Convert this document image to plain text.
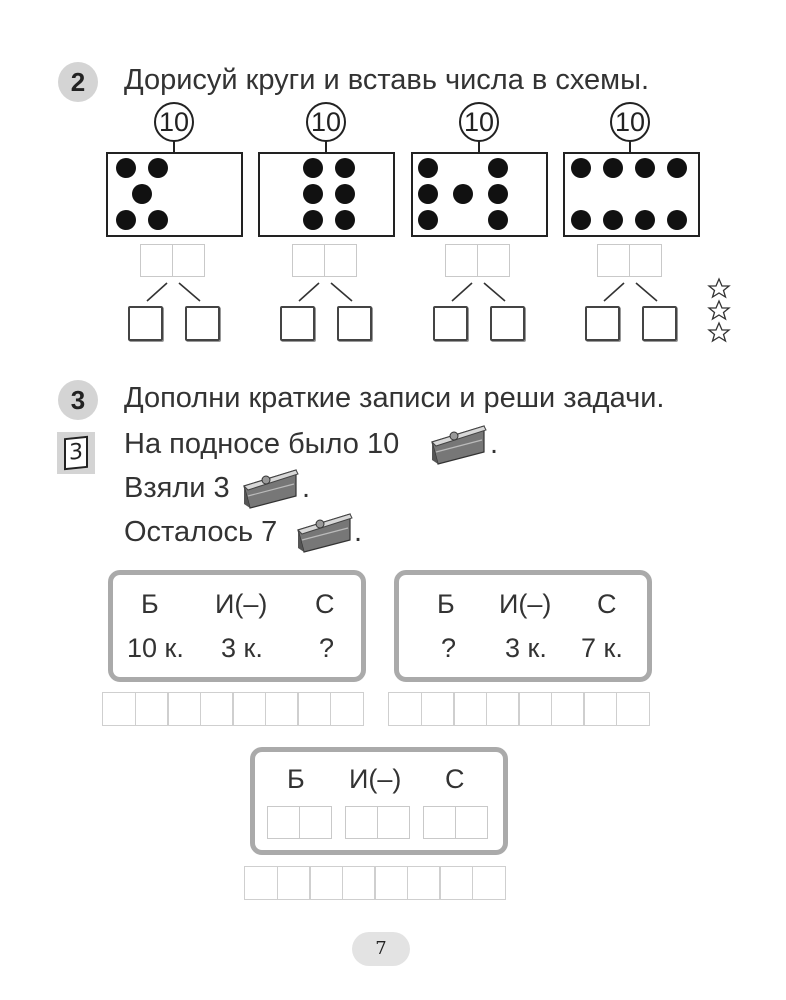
2	Дорисуй круги и вставь числа в схемы.
10	10	10	10
3	Дополни краткие записи и реши задачи.
3 На подносе было 10	.
Взяли 3 .
Осталось 7	.
Б И(–) С
10 к. 3 к. ?
Б И(–) С
? 3 к. 7 к.
Б И(–) С
7
